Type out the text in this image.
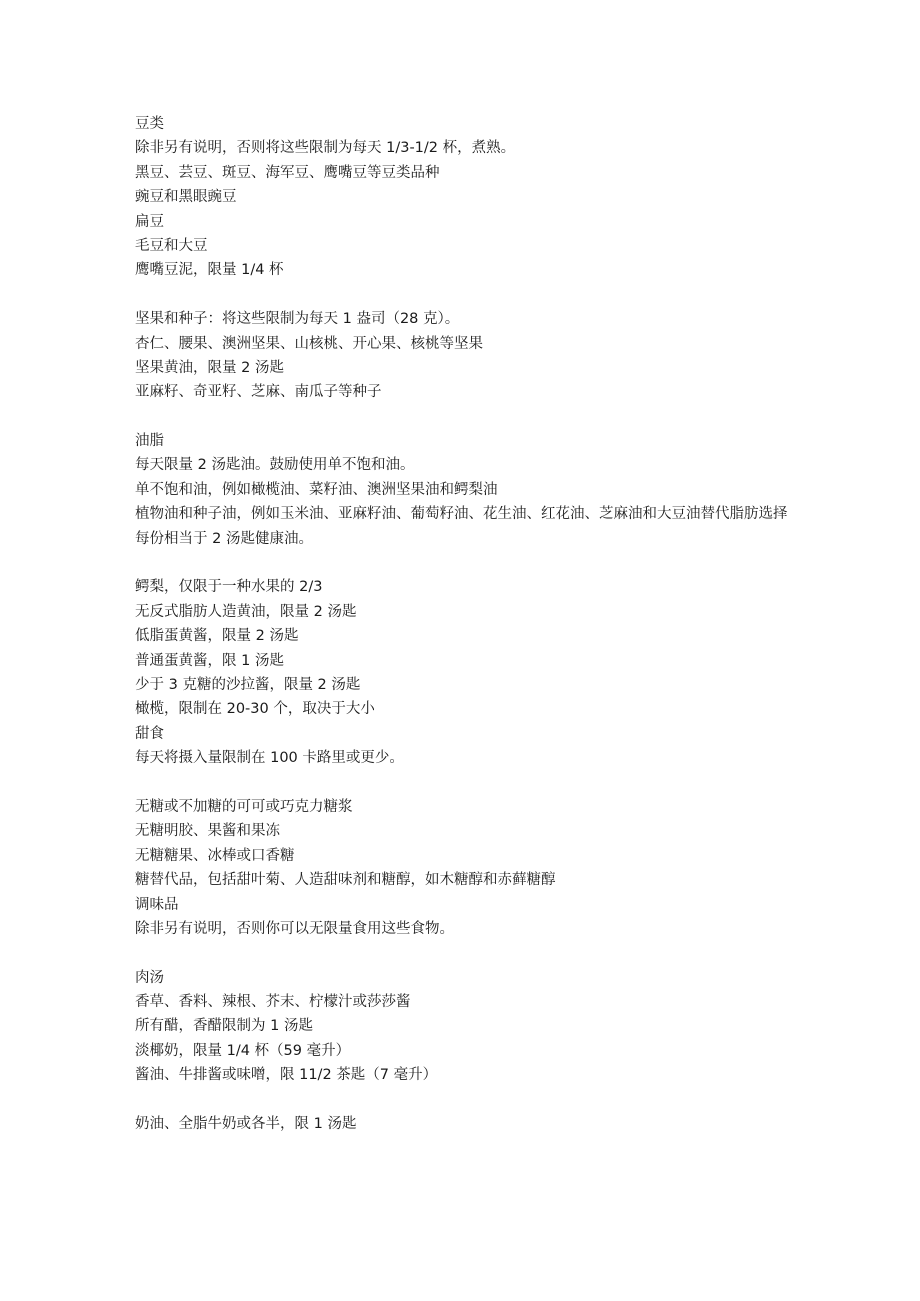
豆类
除非另有说明，否则将这些限制为每天 1/3-1/2 杯，煮熟。
黑豆、芸豆、斑豆、海军豆、鹰嘴豆等豆类品种
豌豆和黑眼豌豆
扁豆
毛豆和大豆
鹰嘴豆泥，限量 1/4 杯
坚果和种子：将这些限制为每天 1 盎司（28 克）。
杏仁、腰果、澳洲坚果、山核桃、开心果、核桃等坚果
坚果黄油，限量 2 汤匙
亚麻籽、奇亚籽、芝麻、南瓜子等种子
油脂
每天限量 2 汤匙油。鼓励使用单不饱和油。
单不饱和油，例如橄榄油、菜籽油、澳洲坚果油和鳄梨油
植物油和种子油，例如玉米油、亚麻籽油、葡萄籽油、花生油、红花油、芝麻油和大豆油替代脂肪选择
每份相当于 2 汤匙健康油。
鳄梨，仅限于一种水果的 2/3
无反式脂肪人造黄油，限量 2 汤匙
低脂蛋黄酱，限量 2 汤匙
普通蛋黄酱，限 1 汤匙
少于 3 克糖的沙拉酱，限量 2 汤匙
橄榄，限制在 20-30 个，取决于大小
甜食
每天将摄入量限制在 100 卡路里或更少。
无糖或不加糖的可可或巧克力糖浆
无糖明胶、果酱和果冻
无糖糖果、冰棒或口香糖
糖替代品，包括甜叶菊、人造甜味剂和糖醇，如木糖醇和赤藓糖醇
调味品
除非另有说明，否则你可以无限量食用这些食物。
肉汤
香草、香料、辣根、芥末、柠檬汁或莎莎酱
所有醋，香醋限制为 1 汤匙
淡椰奶，限量 1/4 杯（59 毫升）
酱油、牛排酱或味噌，限 11/2 茶匙（7 毫升）
奶油、全脂牛奶或各半，限 1 汤匙
